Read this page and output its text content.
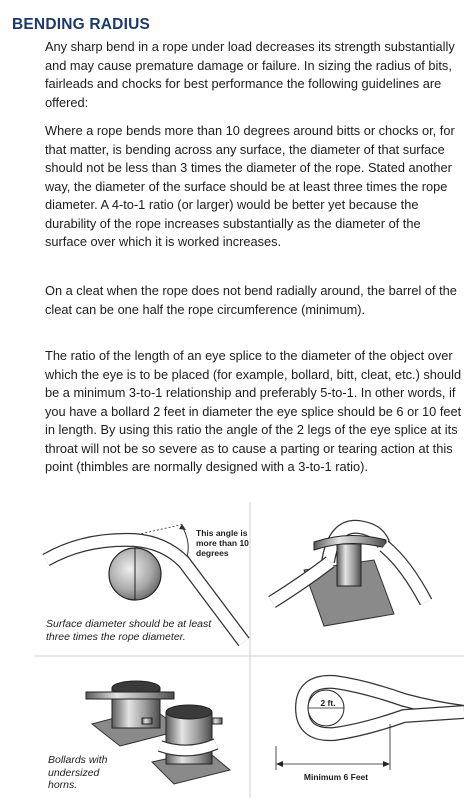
BENDING RADIUS

Any sharp bend in a rope under load decreases its strength substantially and may cause premature damage or failure. In sizing the radius of bits, fairleads and chocks for best performance the following guidelines are offered:

Where a rope bends more than 10 degrees around bitts or chocks or, for that matter, is bending across any surface, the diameter of that surface should not be less than 3 times the diameter of the rope. Stated another way, the diameter of the surface should be at least three times the rope diameter. A 4-to-1 ratio (or larger) would be better yet because the durability of the rope increases substantially as the diameter of the surface over which it is worked increases.

On a cleat when the rope does not bend radially around, the barrel of the cleat can be one half the rope circumference (minimum).

The ratio of the length of an eye splice to the diameter of the object over which the eye is to be placed (for example, bollard, bitt, cleat, etc.) should be a minimum 3-to-1 relationship and preferably 5-to-1. In other words, if you have a bollard 2 feet in diameter the eye splice should be 6 or 10 feet in length. By using this ratio the angle of the 2 legs of the eye splice at its throat will not be so severe as to cause a parting or tearing action at this point (thimbles are normally designed with a 3-to-1 ratio).

This angle is more than 10 degrees
Surface diameter should be at least three times the rope diameter.
Bollards with undersized horns.
2 ft.
Minimum 6 Feet
